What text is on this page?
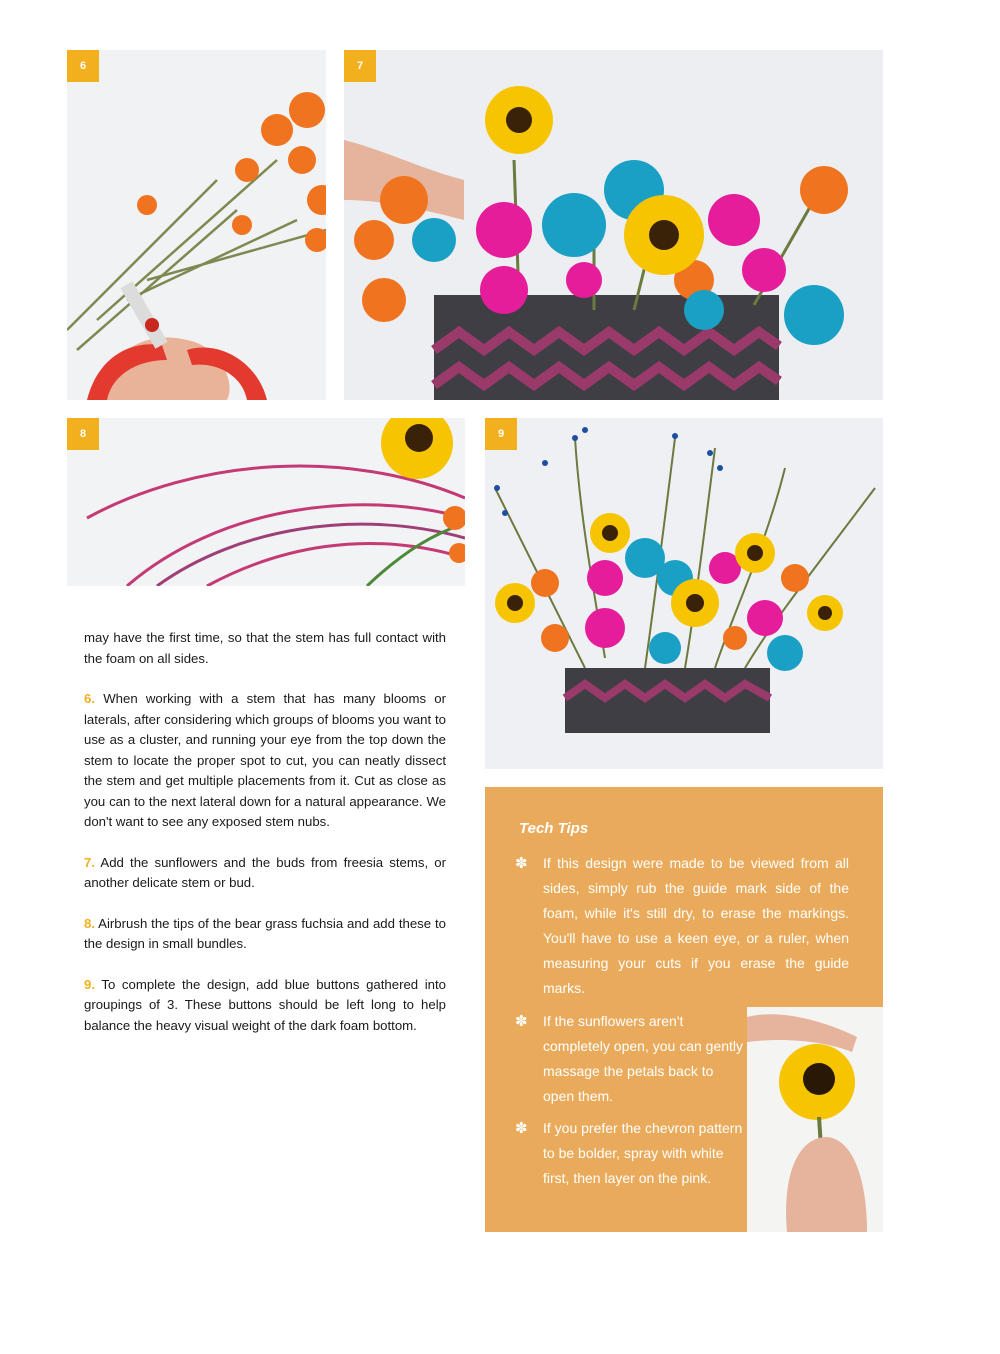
6	7
8	9

may have the first time, so that the stem has full contact with the foam on all sides.

6. When working with a stem that has many blooms or laterals, after considering which groups of blooms you want to use as a cluster, and running your eye from the top down the stem to locate the proper spot to cut, you can neatly dissect the stem and get multiple placements from it. Cut as close as you can to the next lateral down for a natural appearance. We don't want to see any exposed stem nubs.

7. Add the sunflowers and the buds from freesia stems, or another delicate stem or bud.

8. Airbrush the tips of the bear grass fuchsia and add these to the design in small bundles.

9. To complete the design, add blue buttons gathered into groupings of 3. These buttons should be left long to help balance the heavy visual weight of the dark foam bottom.

Tech Tips
✽ If this design were made to be viewed from all sides, simply rub the guide mark side of the foam, while it's still dry, to erase the markings. You'll have to use a keen eye, or a ruler, when measuring your cuts if you erase the guide marks.
✽ If the sunflowers aren't completely open, you can gently massage the petals back to open them.
✽ If you prefer the chevron pattern to be bolder, spray with white first, then layer on the pink.
